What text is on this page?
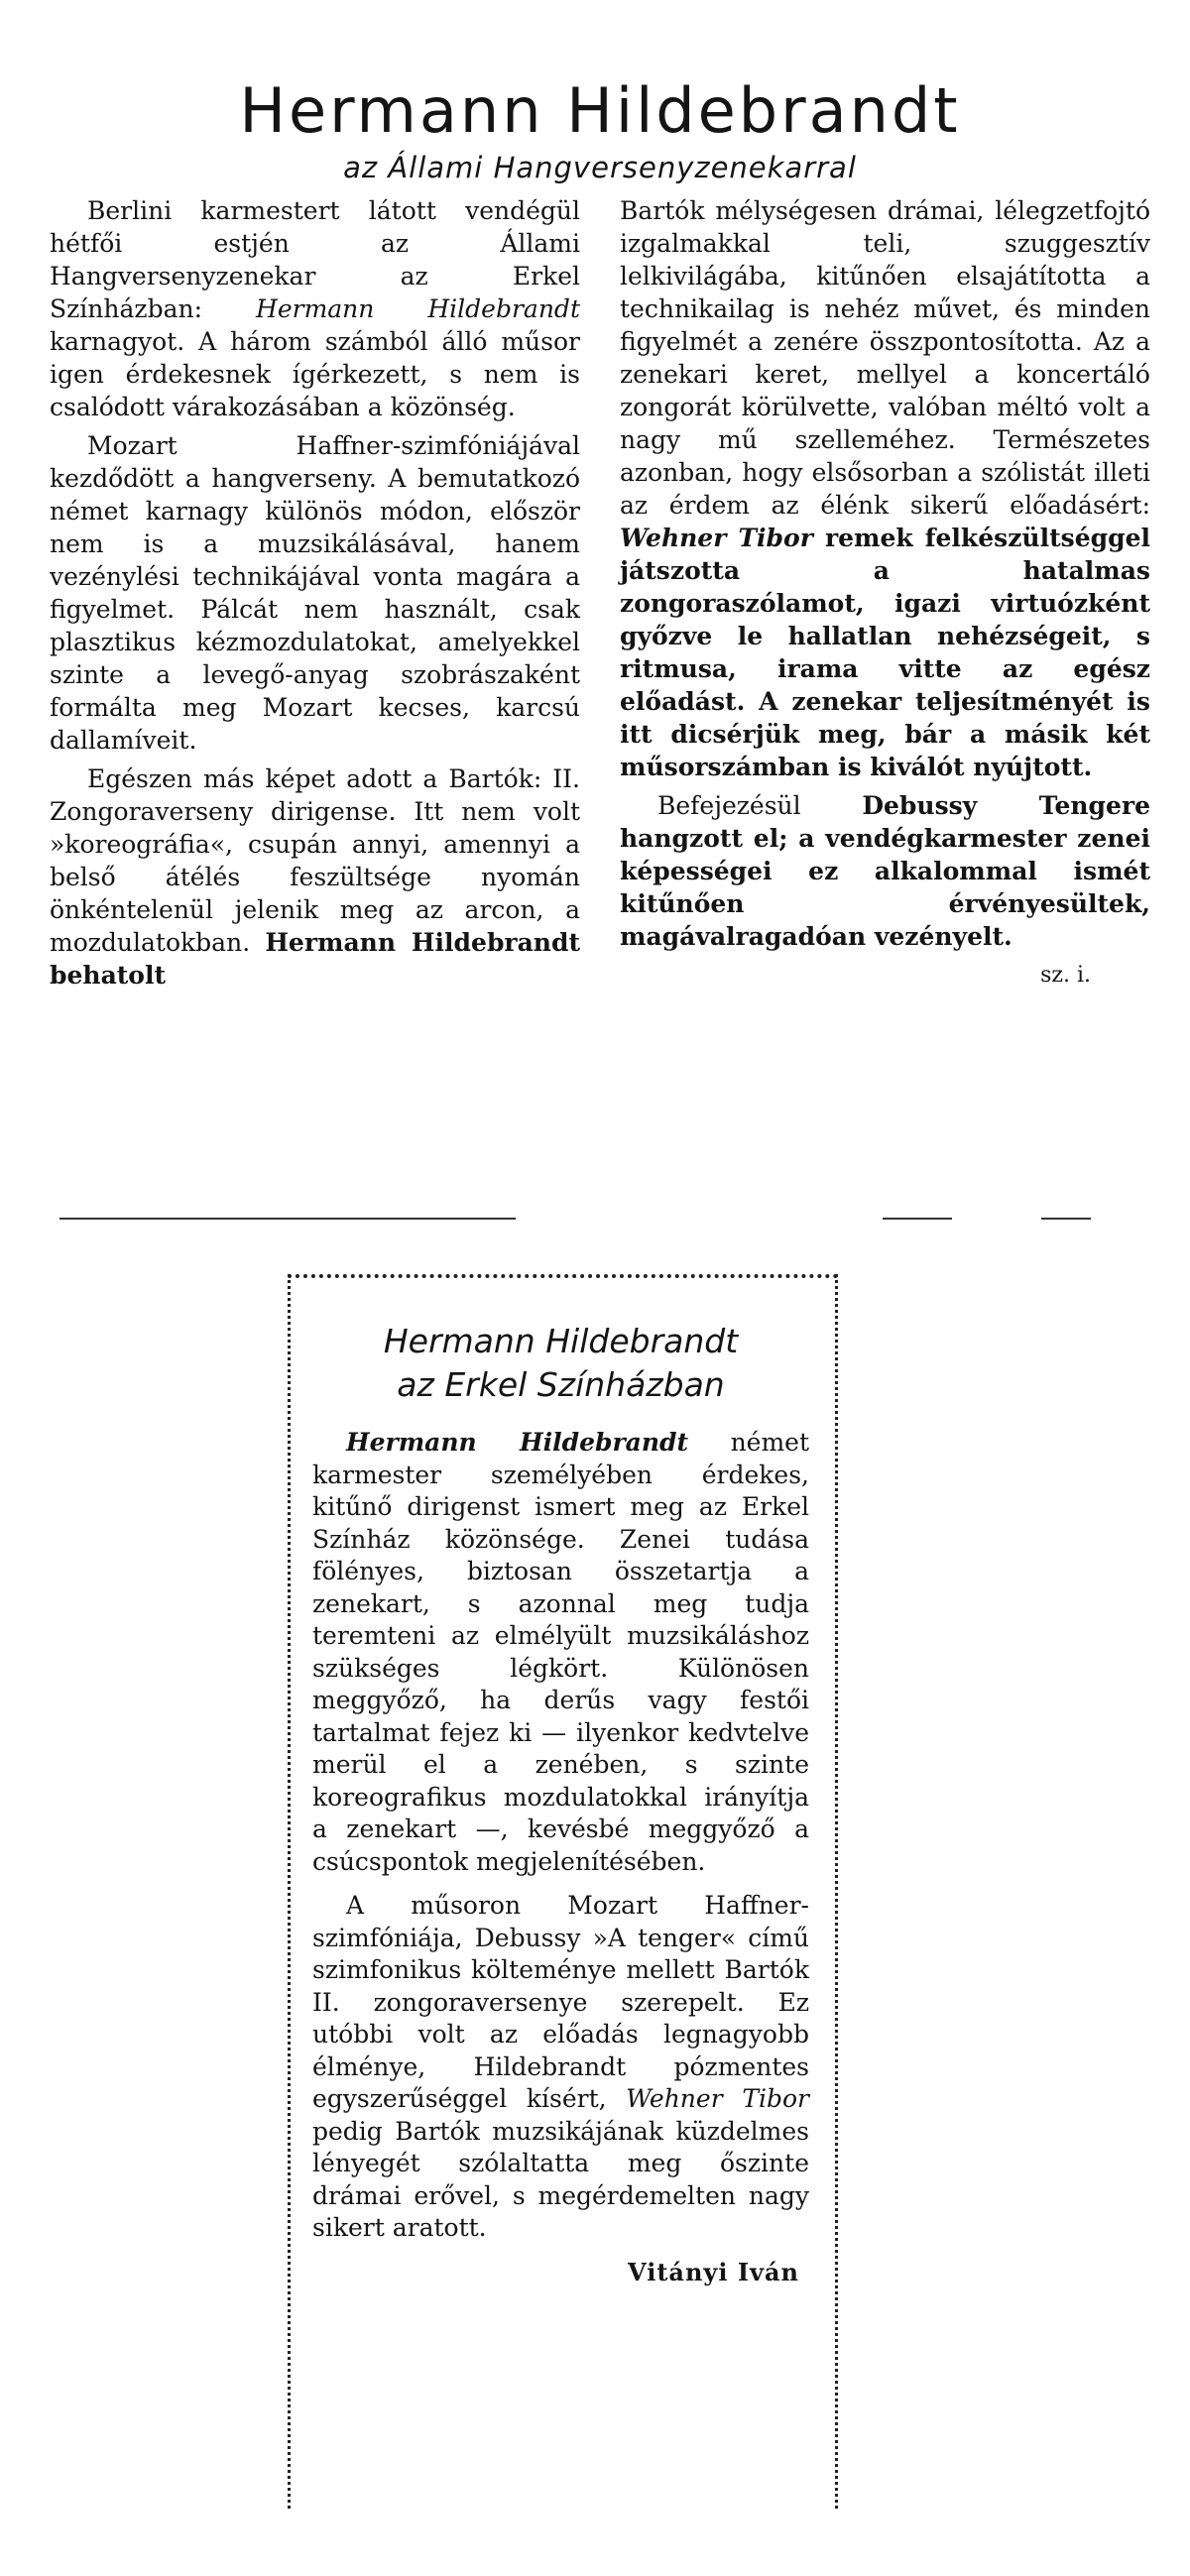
Hermann Hildebrandt
az Állami Hangversenyzenekarral

Berlini karmestert látott vendégül hétfői estjén az Állami Hangversenyzenekar az Erkel Színházban: Hermann Hildebrandt karnagyot. A három számból álló műsor igen érdekesnek ígérkezett, s nem is csalódott várakozásában a közönség.

Mozart Haffner-szimfóniájával kezdődött a hangverseny. A bemutatkozó német karnagy különös módon, először nem is a muzsikálásával, hanem vezénylési technikájával vonta magára a figyelmet. Pálcát nem használt, csak plasztikus kézmozdulatokat, amelyekkel szinte a levegő-anyag szobrászaként formálta meg Mozart kecses, karcsú dallamíveit.

Egészen más képet adott a Bartók: II. Zongoraverseny dirigense. Itt nem volt »koreográfia«, csupán annyi, amennyi a belső átélés feszültsége nyomán önkéntelenül jelenik meg az arcon, a mozdulatokban. Hermann Hildebrandt behatolt

Bartók mélységesen drámai, lélegzetfojtó izgalmakkal teli, szuggesztív lelkivilágába, kitűnően elsajátította a technikailag is nehéz művet, és minden figyelmét a zenére összpontosította. Az a zenekari keret, mellyel a koncertáló zongorát körülvette, valóban méltó volt a nagy mű szelleméhez. Természetes azonban, hogy elsősorban a szólistát illeti az érdem az élénk sikerű előadásért: Wehner Tibor remek felkészültséggel játszotta a hatalmas zongoraszólamot, igazi virtuózként győzve le hallatlan nehézségeit, s ritmusa, irama vitte az egész előadást. A zenekar teljesítményét is itt dicsérjük meg, bár a másik két műsorszámban is kiválót nyújtott.

Befejezésül Debussy Tengere hangzott el; a vendégkarmester zenei képességei ez alkalommal ismét kitűnően érvényesültek, magávalragadóan vezényelt.

sz. i.
Hermann Hildebrandt
az Erkel Színházban

Hermann Hildebrandt német karmester személyében érdekes, kitűnő dirigenst ismert meg az Erkel Színház közönsége. Zenei tudása fölényes, biztosan összetartja a zenekart, s azonnal meg tudja teremteni az elmélyült muzsikáláshoz szükséges légkört. Különösen meggyőző, ha derűs vagy festői tartalmat fejez ki — ilyenkor kedvtelve merül el a zenében, s szinte koreografikus mozdulatokkal irányítja a zenekart —, kevésbé meggyőző a csúcspontok megjelenítésében.

A műsoron Mozart Haffner-szimfóniája, Debussy »A tenger« című szimfonikus költeménye mellett Bartók II. zongoraversenye szerepelt. Ez utóbbi volt az előadás legnagyobb élménye, Hildebrandt pózmentes egyszerűséggel kísért, Wehner Tibor pedig Bartók muzsikájának küzdelmes lényegét szólaltatta meg őszinte drámai erővel, s megérdemelten nagy sikert aratott.

Vitányi Iván
